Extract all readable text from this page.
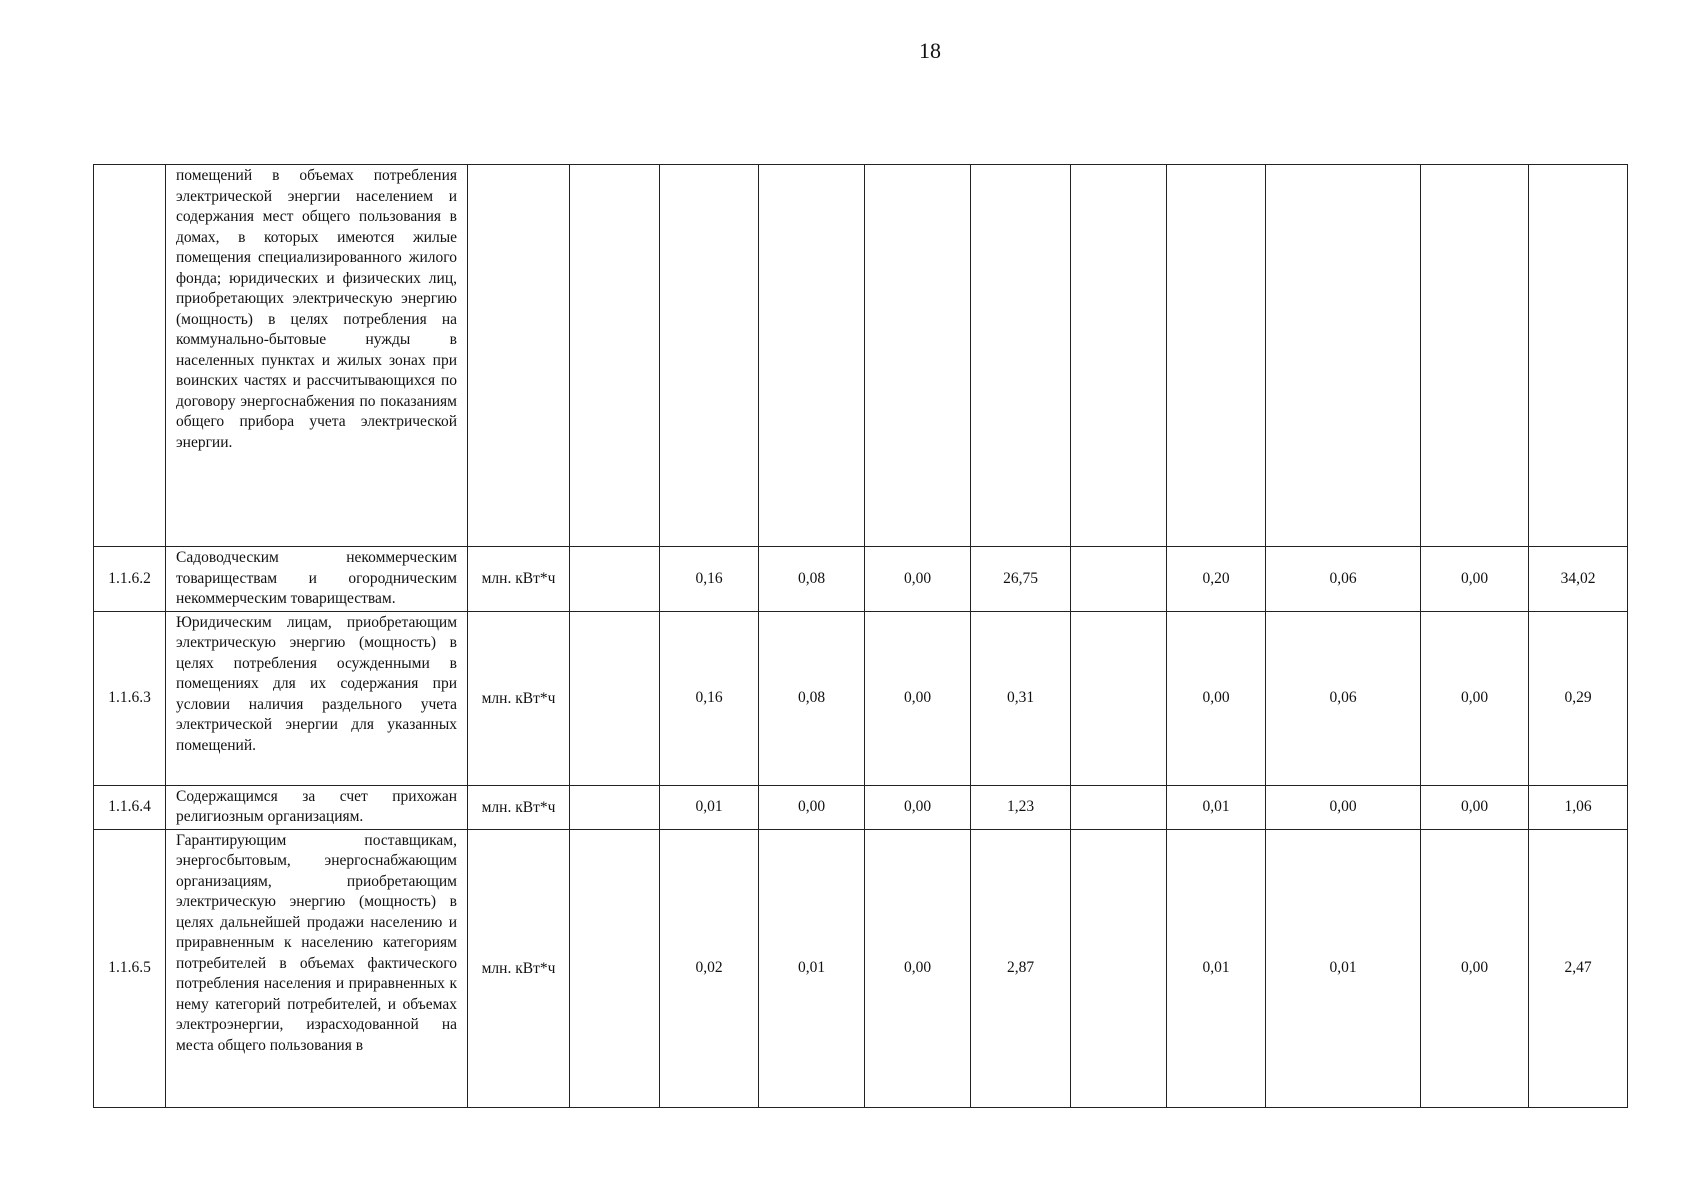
18
	помещений в объемах потребления электрической энергии населением и содержания мест общего пользования в домах, в которых имеются жилые помещения специализированного жилого фонда; юридических и физических лиц, приобретающих электрическую энергию (мощность) в целях потребления на коммунально-бытовые нужды в населенных пунктах и жилых зонах при воинских частях и рассчитывающихся по договору энергоснабжения по показаниям общего прибора учета электрической энергии.											
1.1.6.2	Садоводческим некоммерческим товариществам и огородническим некоммерческим товариществам.	млн. кВт*ч		0,16	0,08	0,00	26,75		0,20	0,06	0,00	34,02
1.1.6.3	Юридическим лицам, приобретающим электрическую энергию (мощность) в целях потребления осужденными в помещениях для их содержания при условии наличия раздельного учета электрической энергии для указанных помещений.	млн. кВт*ч		0,16	0,08	0,00	0,31		0,00	0,06	0,00	0,29
1.1.6.4	Содержащимся за счет прихожан религиозным организациям.	млн. кВт*ч		0,01	0,00	0,00	1,23		0,01	0,00	0,00	1,06
1.1.6.5	Гарантирующим поставщикам, энергосбытовым, энергоснабжающим организациям, приобретающим электрическую энергию (мощность) в целях дальнейшей продажи населению и приравненным к населению категориям потребителей в объемах фактического потребления населения и приравненных к нему категорий потребителей, и объемах электроэнергии, израсходованной на места общего пользования в	млн. кВт*ч		0,02	0,01	0,00	2,87		0,01	0,01	0,00	2,47
